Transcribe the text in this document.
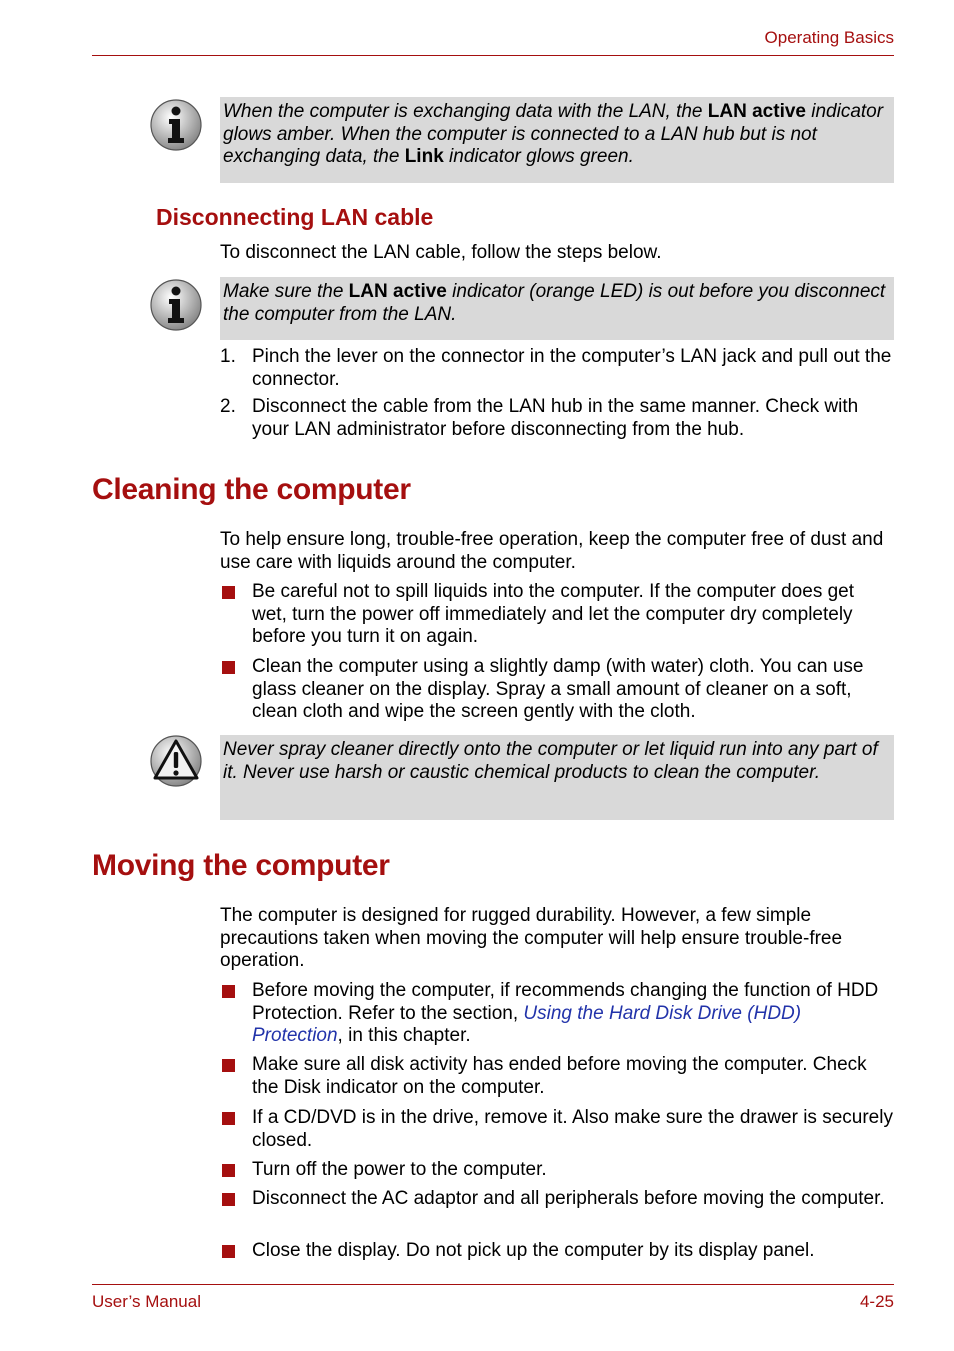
Operating Basics
When the computer is exchanging data with the LAN, the LAN active indicator glows amber. When the computer is connected to a LAN hub but is not exchanging data, the Link indicator glows green.
Disconnecting LAN cable
To disconnect the LAN cable, follow the steps below.
Make sure the LAN active indicator (orange LED) is out before you disconnect the computer from the LAN.
1. Pinch the lever on the connector in the computer’s LAN jack and pull out the connector.
2. Disconnect the cable from the LAN hub in the same manner. Check with your LAN administrator before disconnecting from the hub.
Cleaning the computer
To help ensure long, trouble-free operation, keep the computer free of dust and use care with liquids around the computer.
Be careful not to spill liquids into the computer. If the computer does get wet, turn the power off immediately and let the computer dry completely before you turn it on again.
Clean the computer using a slightly damp (with water) cloth. You can use glass cleaner on the display. Spray a small amount of cleaner on a soft, clean cloth and wipe the screen gently with the cloth.
Never spray cleaner directly onto the computer or let liquid run into any part of it. Never use harsh or caustic chemical products to clean the computer.
Moving the computer
The computer is designed for rugged durability. However, a few simple precautions taken when moving the computer will help ensure trouble-free operation.
Before moving the computer, if recommends changing the function of HDD Protection. Refer to the section, Using the Hard Disk Drive (HDD) Protection, in this chapter.
Make sure all disk activity has ended before moving the computer. Check the Disk indicator on the computer.
If a CD/DVD is in the drive, remove it. Also make sure the drawer is securely closed.
Turn off the power to the computer.
Disconnect the AC adaptor and all peripherals before moving the computer.
Close the display. Do not pick up the computer by its display panel.
User’s Manual	4-25
